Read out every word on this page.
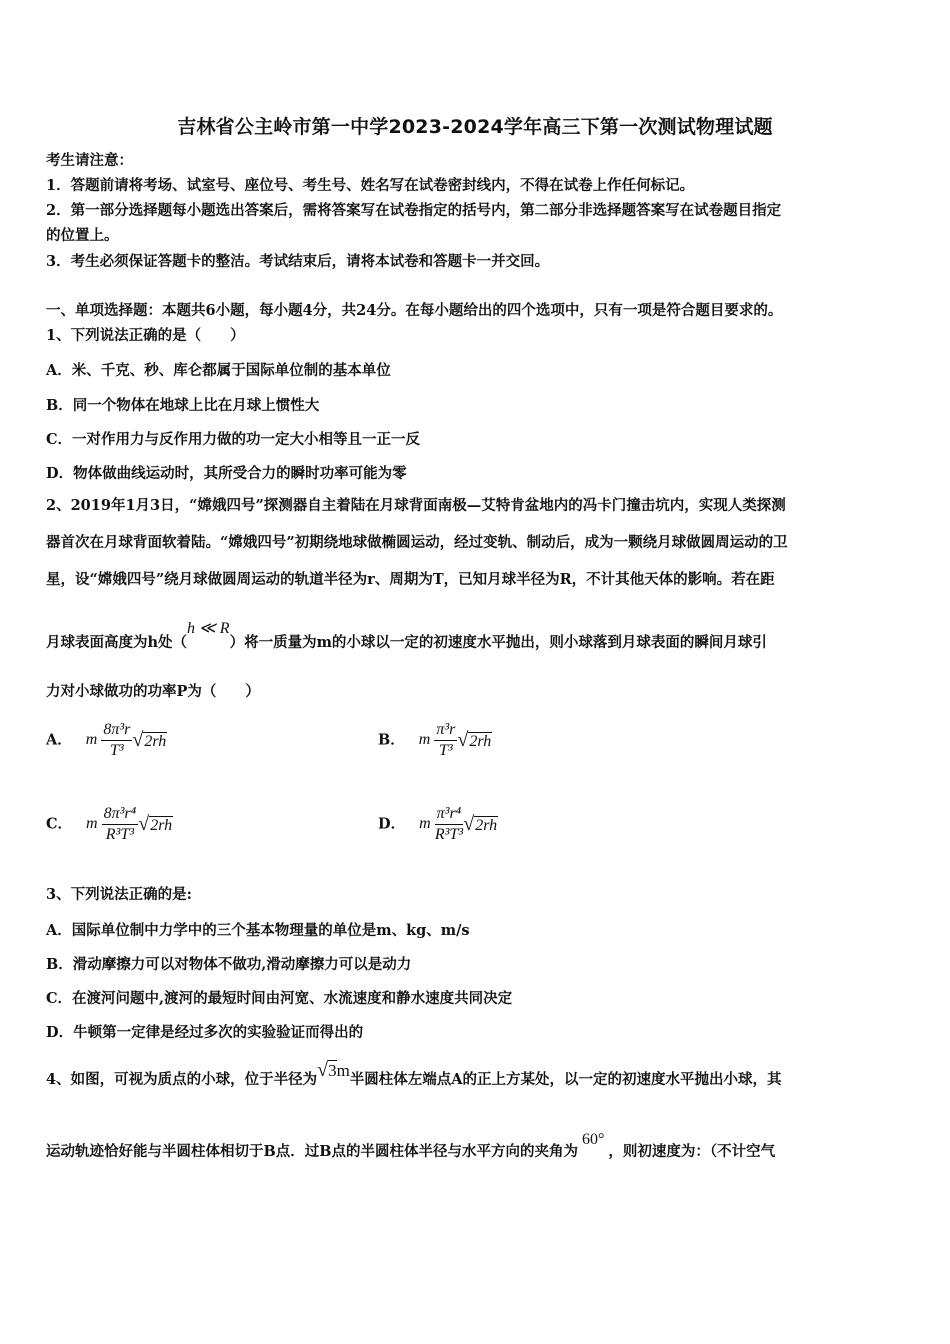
吉林省公主岭市第一中学2023-2024学年高三下第一次测试物理试题
考生请注意：
1．答题前请将考场、试室号、座位号、考生号、姓名写在试卷密封线内，不得在试卷上作任何标记。
2．第一部分选择题每小题选出答案后，需将答案写在试卷指定的括号内，第二部分非选择题答案写在试卷题目指定
的位置上。
3．考生必须保证答题卡的整洁。考试结束后，请将本试卷和答题卡一并交回。
一、单项选择题：本题共6小题，每小题4分，共24分。在每小题给出的四个选项中，只有一项是符合题目要求的。
1、下列说法正确的是（　　）
A．米、千克、秒、库仑都属于国际单位制的基本单位
B．同一个物体在地球上比在月球上惯性大
C．一对作用力与反作用力做的功一定大小相等且一正一反
D．物体做曲线运动时，其所受合力的瞬时功率可能为零
2、2019年1月3日，“嫦娥四号”探测器自主着陆在月球背面南极—艾特肯盆地内的冯卡门撞击坑内，实现人类探测
器首次在月球背面软着陆。“嫦娥四号”初期绕地球做椭圆运动，经过变轨、制动后，成为一颗绕月球做圆周运动的卫
星，设“嫦娥四号”绕月球做圆周运动的轨道半径为r、周期为T，已知月球半径为R，不计其他天体的影响。若在距
月球表面高度为h处（h ≪ R）将一质量为m的小球以一定的初速度水平抛出，则小球落到月球表面的瞬间月球引
力对小球做功的功率P为（　　）
A． m $\frac{\text{8π³r}}{\text{T³}} √2rh$	B． m $\frac{\text{π³r}}{\text{T³}} √2rh$
C． m $\frac{\text{8π³r⁴}}{\text{R³T³}} √2rh$	D． m $\frac{\text{π³r⁴}}{\text{R³T³}} √2rh$
3、下列说法正确的是:
A．国际单位制中力学中的三个基本物理量的单位是m、kg、m/s
B．滑动摩擦力可以对物体不做功,滑动摩擦力可以是动力
C．在渡河问题中,渡河的最短时间由河宽、水流速度和静水速度共同决定
D．牛顿第一定律是经过多次的实验验证而得出的
4、如图，可视为质点的小球，位于半径为√3m半圆柱体左端点A的正上方某处，以一定的初速度水平抛出小球，其
运动轨迹恰好能与半圆柱体相切于B点．过B点的半圆柱体半径与水平方向的夹角为60°，则初速度为：（不计空气
